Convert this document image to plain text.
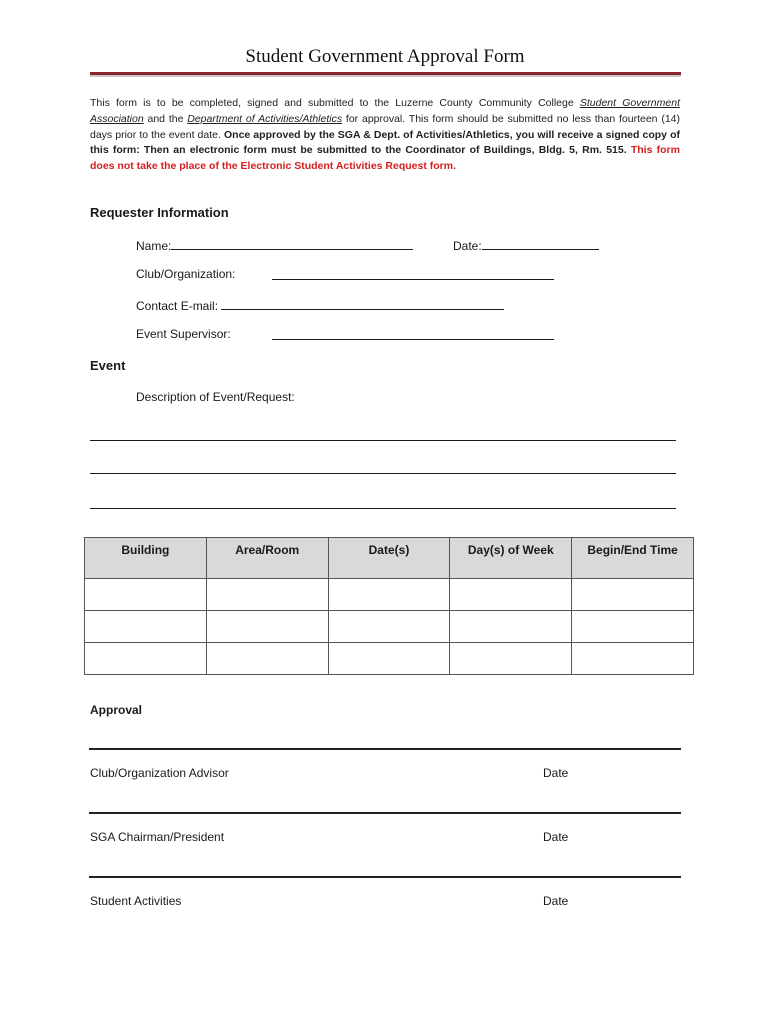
Student Government Approval Form
This form is to be completed, signed and submitted to the Luzerne County Community College Student Government Association and the Department of Activities/Athletics for approval. This form should be submitted no less than fourteen (14) days prior to the event date. Once approved by the SGA & Dept. of Activities/Athletics, you will receive a signed copy of this form: Then an electronic form must be submitted to the Coordinator of Buildings, Bldg. 5, Rm. 515. This form does not take the place of the Electronic Student Activities Request form.
Requester Information
Name:	Date:
Club/Organization:
Contact E-mail:
Event Supervisor:
Event
Description of Event/Request:
Building	Area/Room	Date(s)	Day(s) of Week	Begin/End Time

Approval
Club/Organization Advisor	Date
SGA Chairman/President	Date
Student Activities	Date
